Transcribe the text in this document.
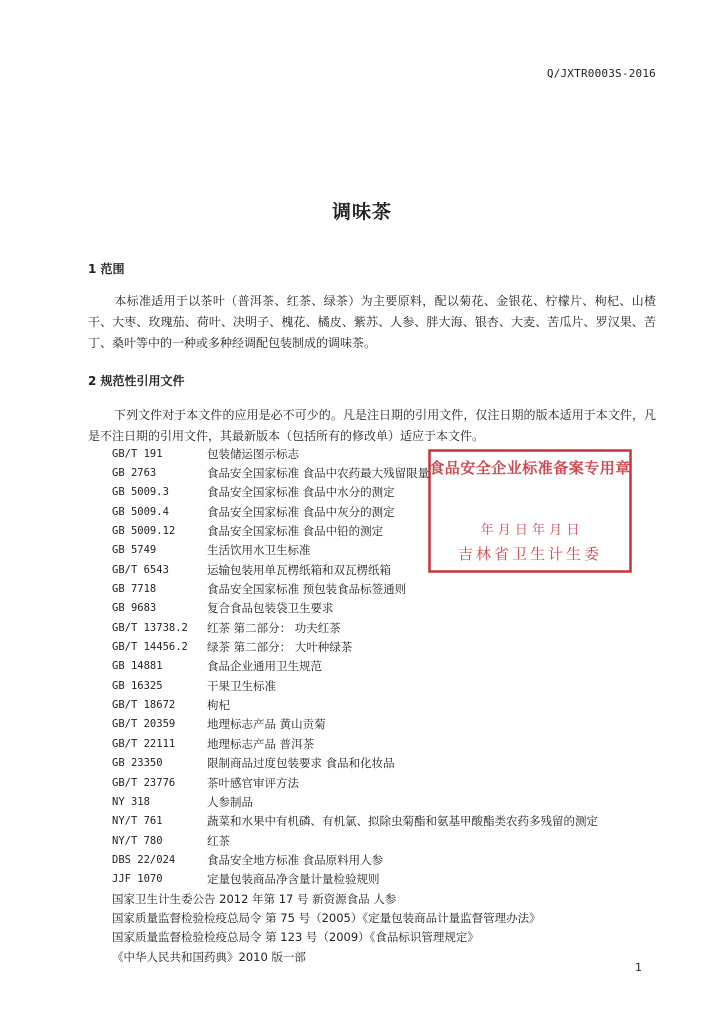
Q/JXTR0003S-2016
调味茶
1 范围

本标准适用于以茶叶（普洱茶、红茶、绿茶）为主要原料，配以菊花、金银花、柠檬片、枸杞、山楂干、大枣、玫瑰茄、荷叶、决明子、槐花、橘皮、紫苏、人参、胖大海、银杏、大麦、苦瓜片、罗汉果、苦丁、桑叶等中的一种或多种经调配包装制成的调味茶。

2 规范性引用文件

下列文件对于本文件的应用是必不可少的。凡是注日期的引用文件，仅注日期的版本适用于本文件，凡是不注日期的引用文件，其最新版本（包括所有的修改单）适应于本文件。

GB/T 191	包装储运图示标志
GB 2763	食品安全国家标准 食品中农药最大残留限量
GB 5009.3	食品安全国家标准 食品中水分的测定
GB 5009.4	食品安全国家标准 食品中灰分的测定
GB 5009.12	食品安全国家标准 食品中铅的测定
GB 5749	生活饮用水卫生标准
GB/T 6543	运输包装用单瓦楞纸箱和双瓦楞纸箱
GB 7718	食品安全国家标准 预包装食品标签通则
GB 9683	复合食品包装袋卫生要求
GB/T 13738.2	红茶 第二部分： 功夫红茶
GB/T 14456.2	绿茶 第二部分： 大叶种绿茶
GB 14881	食品企业通用卫生规范
GB 16325	干果卫生标准
GB/T 18672	枸杞
GB/T 20359	地理标志产品 黄山贡菊
GB/T 22111	地理标志产品 普洱茶
GB 23350	限制商品过度包装要求 食品和化妆品
GB/T 23776	茶叶感官审评方法
NY 318	人参制品
NY/T 761	蔬菜和水果中有机磷、有机氯、拟除虫菊酯和氨基甲酸酯类农药多残留的测定
NY/T 780	红茶
DBS 22/024	食品安全地方标准 食品原料用人参
JJF 1070	定量包装商品净含量计量检验规则
国家卫生计生委公告 2012 年第 17 号 新资源食品 人参
国家质量监督检验检疫总局令 第 75 号（2005）《定量包装商品计量监督管理办法》
国家质量监督检验检疫总局令 第 123 号（2009）《食品标识管理规定》
《中华人民共和国药典》2010 版一部
食品安全企业标准备案专用章
年 月 日 年 月 日
吉林省卫生计生委
1
